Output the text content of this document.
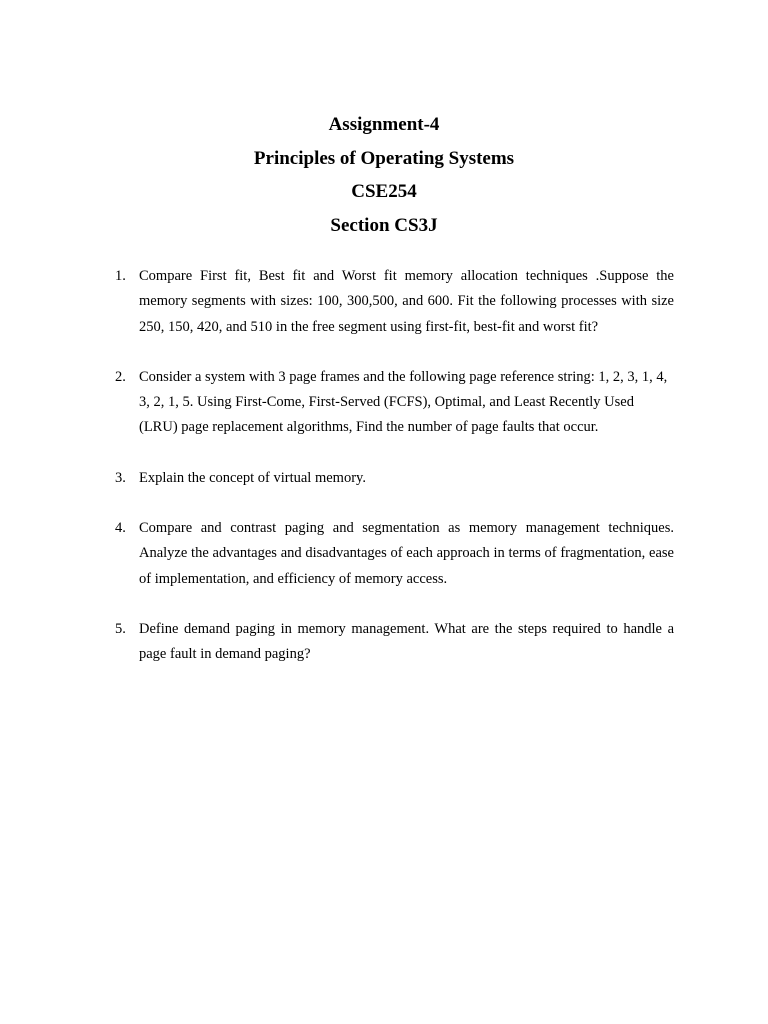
Assignment-4
Principles of Operating Systems
CSE254
Section CS3J
1. Compare First fit, Best fit and Worst fit memory allocation techniques .Suppose the memory segments with sizes: 100, 300,500, and 600. Fit the following processes with size 250, 150, 420, and 510 in the free segment using first-fit, best-fit and worst fit?
2. Consider a system with 3 page frames and the following page reference string: 1, 2, 3, 1, 4, 3, 2, 1, 5. Using First-Come, First-Served (FCFS), Optimal, and Least Recently Used (LRU) page replacement algorithms, Find the number of page faults that occur.
3. Explain the concept of virtual memory.
4. Compare and contrast paging and segmentation as memory management techniques. Analyze the advantages and disadvantages of each approach in terms of fragmentation, ease of implementation, and efficiency of memory access.
5. Define demand paging in memory management. What are the steps required to handle a page fault in demand paging?
